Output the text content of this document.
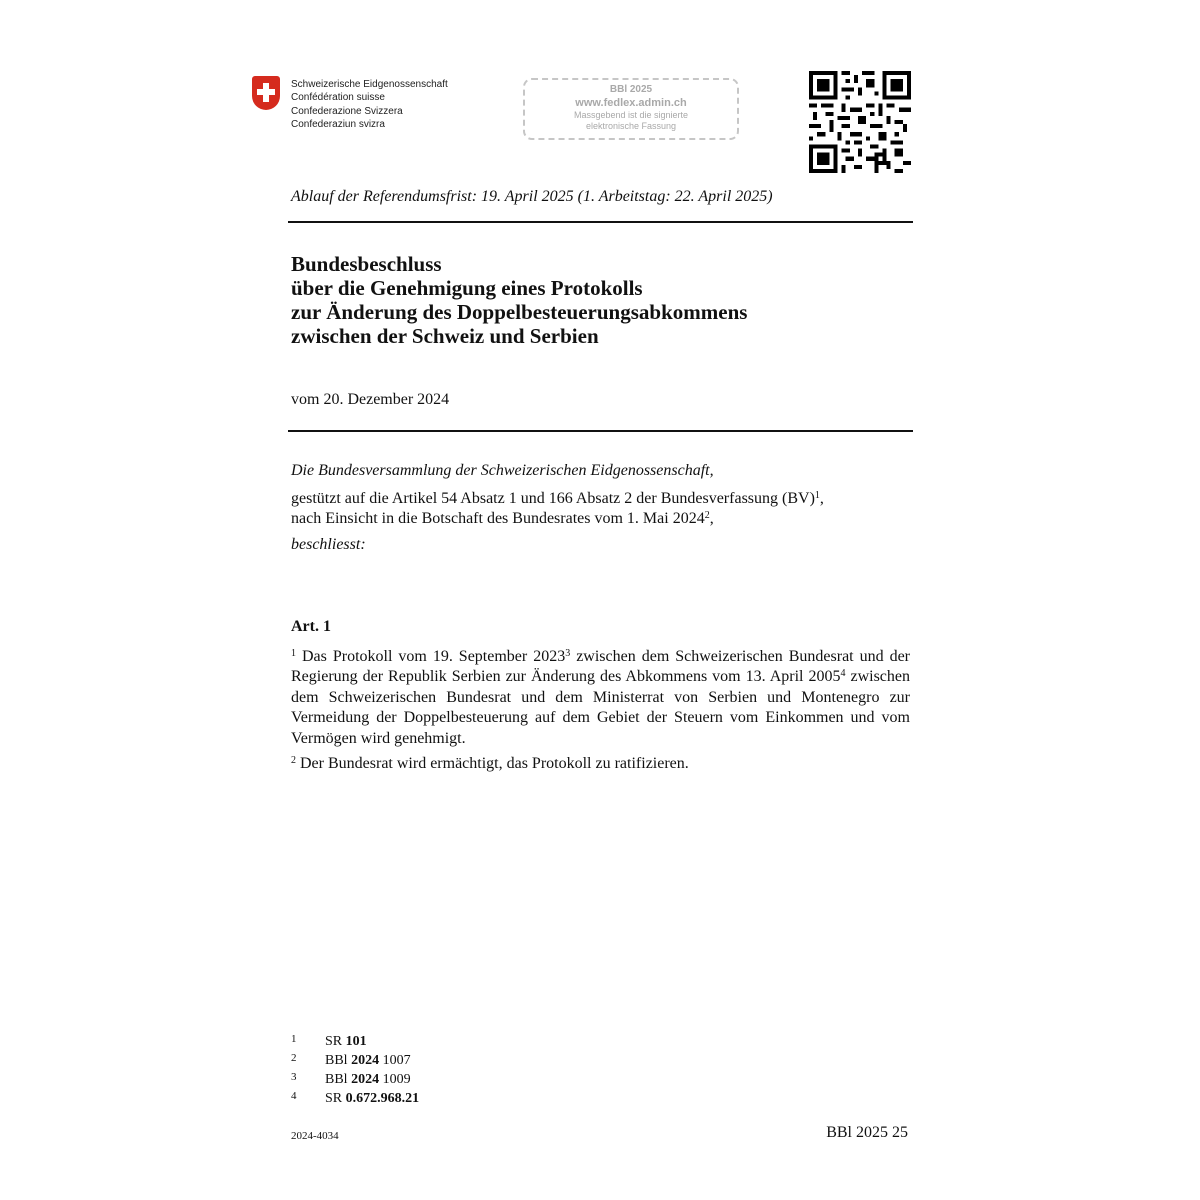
Schweizerische Eidgenossenschaft
Confédération suisse
Confederazione Svizzera
Confederaziun svizra
BBl 2025
www.fedlex.admin.ch
Massgebend ist die signierte
elektronische Fassung
Ablauf der Referendumsfrist: 19. April 2025 (1. Arbeitstag: 22. April 2025)
Bundesbeschluss
über die Genehmigung eines Protokolls
zur Änderung des Doppelbesteuerungsabkommens
zwischen der Schweiz und Serbien
vom 20. Dezember 2024
Die Bundesversammlung der Schweizerischen Eidgenossenschaft,
gestützt auf die Artikel 54 Absatz 1 und 166 Absatz 2 der Bundesverfassung (BV)$^1$,
nach Einsicht in die Botschaft des Bundesrates vom 1. Mai 2024$^2$,
beschliesst:
Art. 1
$^1$ Das Protokoll vom 19. September 2023$^3$ zwischen dem Schweizerischen Bundesrat und der Regierung der Republik Serbien zur Änderung des Abkommens vom 13. April 2005$^4$ zwischen dem Schweizerischen Bundesrat und dem Ministerrat von Serbien und Montenegro zur Vermeidung der Doppelbesteuerung auf dem Gebiet der Steuern vom Einkommen und vom Vermögen wird genehmigt.
$^2$ Der Bundesrat wird ermächtigt, das Protokoll zu ratifizieren.
1 SR 101
2 BBl 2024 1007
3 BBl 2024 1009
4 SR 0.672.968.21
2024-4034	BBl 2025 25
